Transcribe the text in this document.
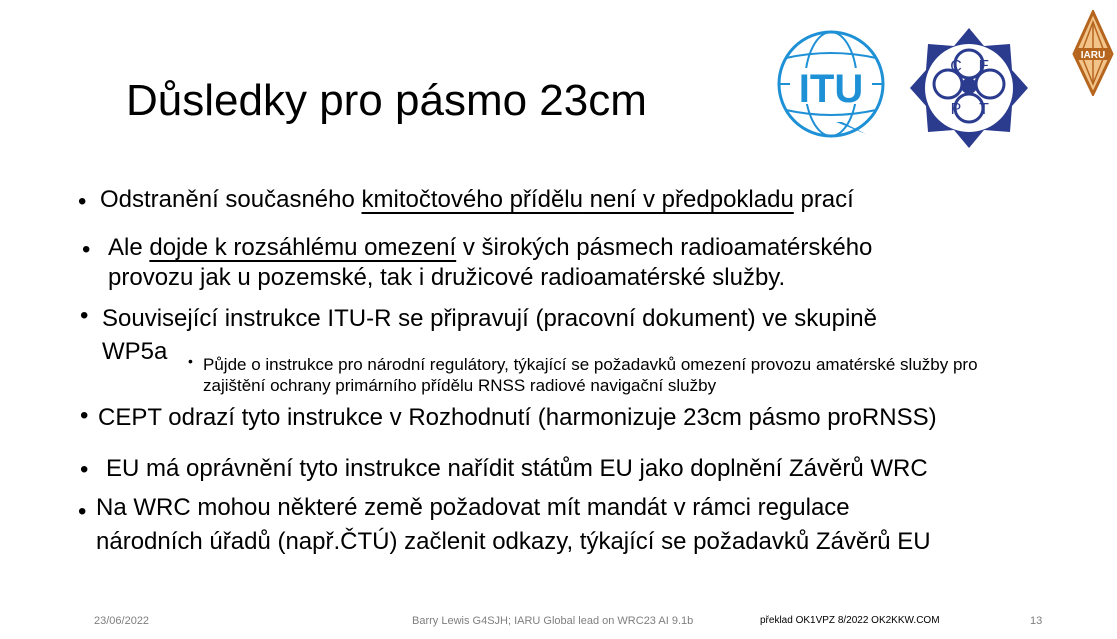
Důsledky pro pásmo 23cm	ITU
C E
P T
IARU
• Odstranění současného kmitočtového přídělu není v předpokladu prací
• Ale dojde k rozsáhlému omezení v širokých pásmech radioamatérského
provozu jak u pozemské, tak i družicové radioamatérské služby.
• Související instrukce ITU-R se připravují (pracovní dokument) ve skupině
WP5a • Půjde o instrukce pro národní regulátory, týkající se požadavků omezení provozu amatérské služby pro
zajištění ochrany primárního přídělu RNSS radiové navigační služby
• CEPT odrazí tyto instrukce v Rozhodnutí (harmonizuje 23cm pásmo proRNSS)
• EU má oprávnění tyto instrukce nařídit státům EU jako doplnění Závěrů WRC
• Na WRC mohou některé země požadovat mít mandát v rámci regulace
národních úřadů (např.ČTÚ) začlenit odkazy, týkající se požadavků Závěrů EU
23/06/2022	Barry Lewis G4SJH; IARU Global lead on WRC23 AI 9.1b	překlad OK1VPZ 8/2022 OK2KKW.COM	13
